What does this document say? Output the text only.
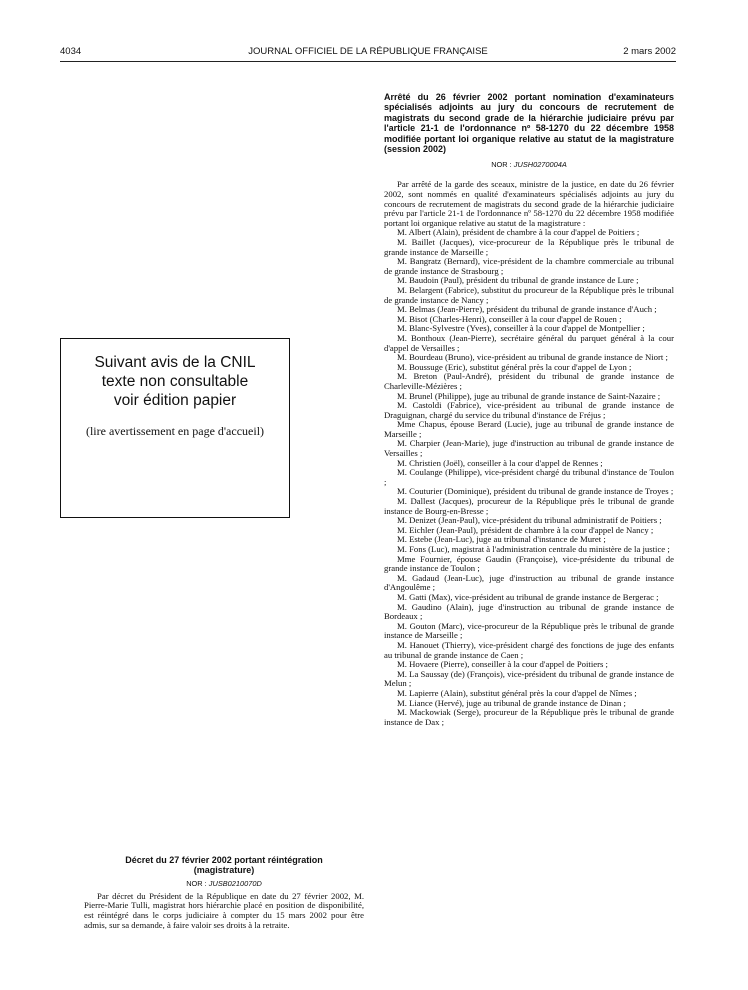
4034	JOURNAL OFFICIEL DE LA RÉPUBLIQUE FRANÇAISE	2 mars 2002
Suivant avis de la CNIL
texte non consultable
voir édition papier
(lire avertissement en page d'accueil)
Décret du 27 février 2002 portant réintégration
(magistrature)
NOR : JUSB0210070D

Par décret du Président de la République en date du 27 février 2002, M. Pierre-Marie Tulli, magistrat hors hiérarchie placé en position de disponibilité, est réintégré dans le corps judiciaire à compter du 15 mars 2002 pour être admis, sur sa demande, à faire valoir ses droits à la retraite.

Arrêté du 26 février 2002 portant nomination d'examinateurs spécialisés adjoints au jury du concours de recrutement de magistrats du second grade de la hiérarchie judiciaire prévu par l'article 21-1 de l'ordonnance nº 58-1270 du 22 décembre 1958 modifiée portant loi organique relative au statut de la magistrature (session 2002)
NOR : JUSH0270004A

Par arrêté de la garde des sceaux, ministre de la justice, en date du 26 février 2002, sont nommés en qualité d'examinateurs spécialisés adjoints au jury du concours de recrutement de magistrats du second grade de la hiérarchie judiciaire prévu par l'article 21-1 de l'ordonnance nº 58-1270 du 22 décembre 1958 modifiée portant loi organique relative au statut de la magistrature :

M. Albert (Alain), président de chambre à la cour d'appel de Poitiers ;

M. Baillet (Jacques), vice-procureur de la République près le tribunal de grande instance de Marseille ;

M. Bangratz (Bernard), vice-président de la chambre commerciale au tribunal de grande instance de Strasbourg ;

M. Baudoin (Paul), président du tribunal de grande instance de Lure ;

M. Belargent (Fabrice), substitut du procureur de la République près le tribunal de grande instance de Nancy ;

M. Belmas (Jean-Pierre), président du tribunal de grande instance d'Auch ;

M. Bisot (Charles-Henri), conseiller à la cour d'appel de Rouen ;

M. Blanc-Sylvestre (Yves), conseiller à la cour d'appel de Montpellier ;

M. Bonthoux (Jean-Pierre), secrétaire général du parquet général à la cour d'appel de Versailles ;

M. Bourdeau (Bruno), vice-président au tribunal de grande instance de Niort ;

M. Boussuge (Eric), substitut général près la cour d'appel de Lyon ;

M. Breton (Paul-André), président du tribunal de grande instance de Charleville-Mézières ;

M. Brunel (Philippe), juge au tribunal de grande instance de Saint-Nazaire ;

M. Castoldi (Fabrice), vice-président au tribunal de grande instance de Draguignan, chargé du service du tribunal d'instance de Fréjus ;

Mme Chapus, épouse Berard (Lucie), juge au tribunal de grande instance de Marseille ;

M. Charpier (Jean-Marie), juge d'instruction au tribunal de grande instance de Versailles ;

M. Christien (Joël), conseiller à la cour d'appel de Rennes ;

M. Coulange (Philippe), vice-président chargé du tribunal d'instance de Toulon ;

M. Couturier (Dominique), président du tribunal de grande instance de Troyes ;

M. Dallest (Jacques), procureur de la République près le tribunal de grande instance de Bourg-en-Bresse ;

M. Denizet (Jean-Paul), vice-président du tribunal administratif de Poitiers ;

M. Eichler (Jean-Paul), président de chambre à la cour d'appel de Nancy ;

M. Estebe (Jean-Luc), juge au tribunal d'instance de Muret ;

M. Fons (Luc), magistrat à l'administration centrale du ministère de la justice ;

Mme Fournier, épouse Gaudin (Françoise), vice-présidente du tribunal de grande instance de Toulon ;

M. Gadaud (Jean-Luc), juge d'instruction au tribunal de grande instance d'Angoulême ;

M. Gatti (Max), vice-président au tribunal de grande instance de Bergerac ;

M. Gaudino (Alain), juge d'instruction au tribunal de grande instance de Bordeaux ;

M. Gouton (Marc), vice-procureur de la République près le tribunal de grande instance de Marseille ;

M. Hanouet (Thierry), vice-président chargé des fonctions de juge des enfants au tribunal de grande instance de Caen ;

M. Hovaere (Pierre), conseiller à la cour d'appel de Poitiers ;

M. La Saussay (de) (François), vice-président du tribunal de grande instance de Melun ;

M. Lapierre (Alain), substitut général près la cour d'appel de Nîmes ;

M. Liance (Hervé), juge au tribunal de grande instance de Dinan ;

M. Mackowiak (Serge), procureur de la République près le tribunal de grande instance de Dax ;
